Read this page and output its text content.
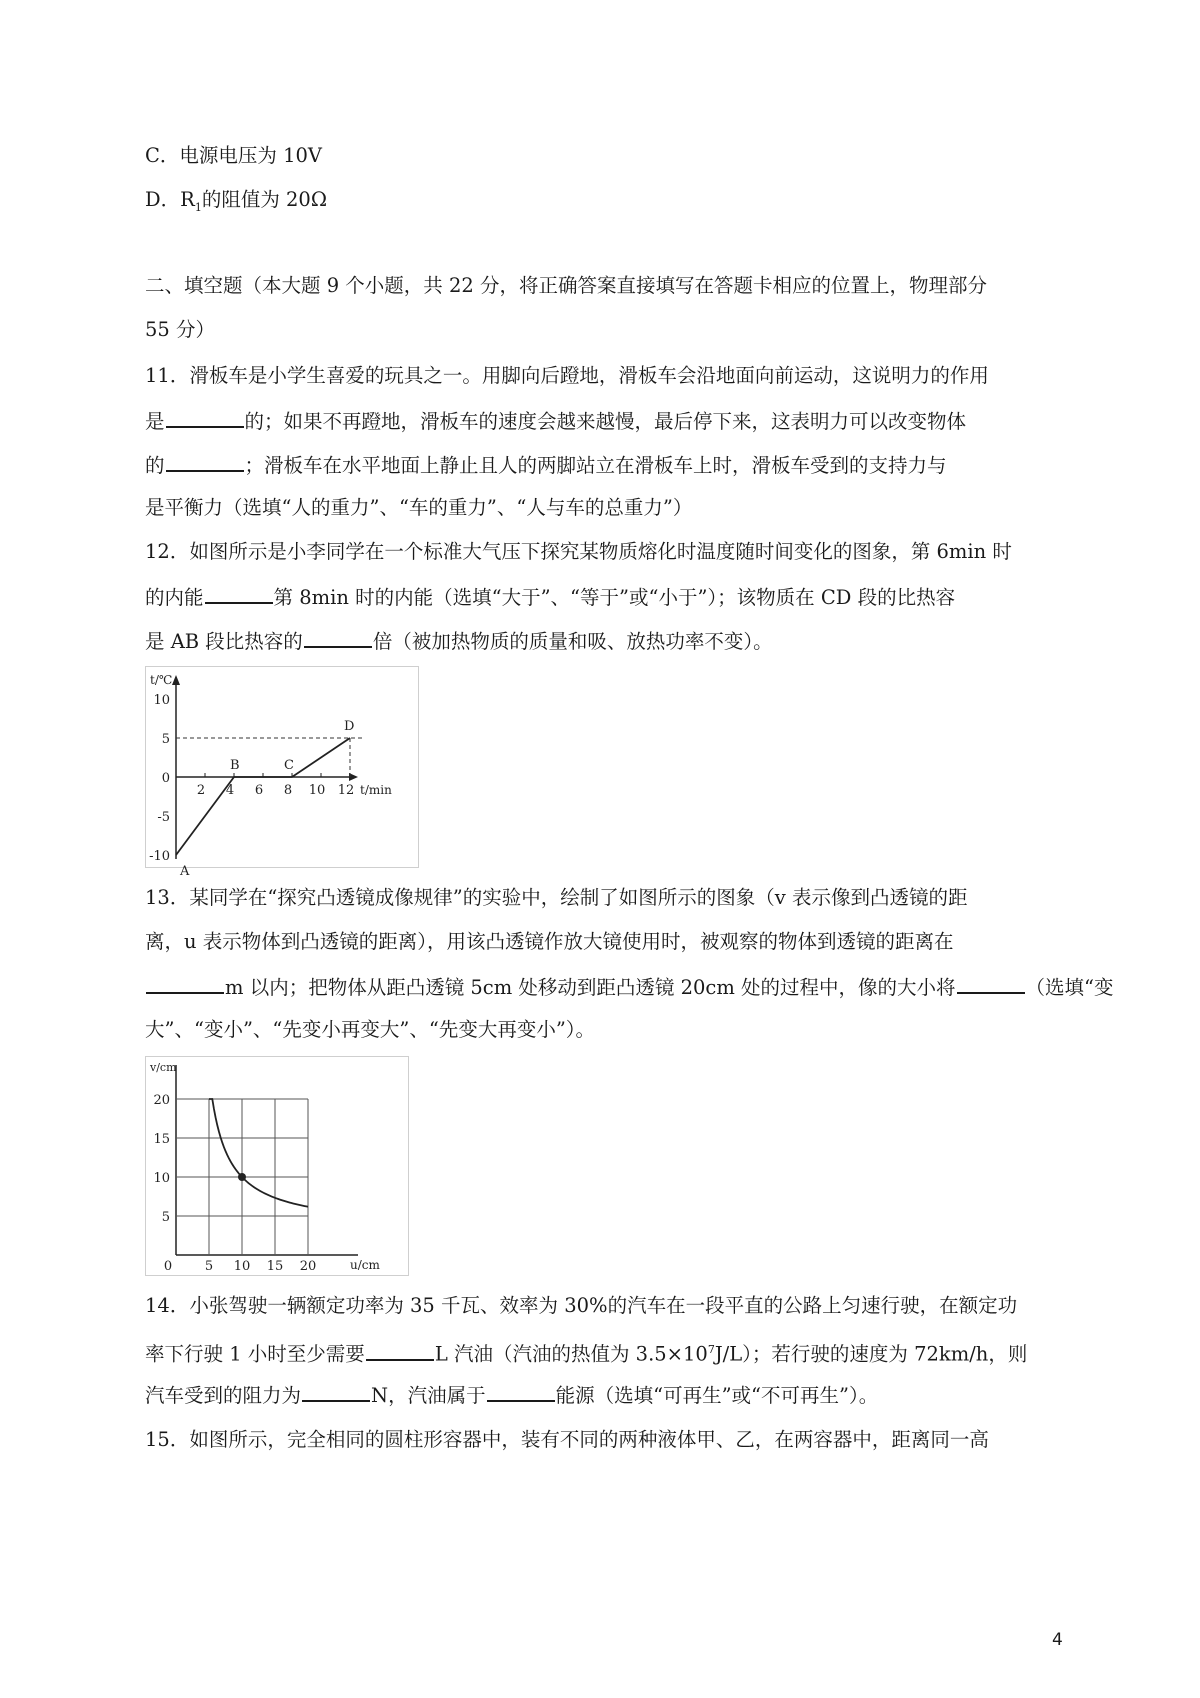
C．电源电压为 10V
D．$R_1$的阻值为 20Ω
二、填空题（本大题 9 个小题，共 22 分，将正确答案直接填写在答题卡相应的位置上，物理部分
55 分）
11．滑板车是小学生喜爱的玩具之一。用脚向后蹬地，滑板车会沿地面向前运动，这说明力的作用
是	的；如果不再蹬地，滑板车的速度会越来越慢，最后停下来，这表明力可以改变物体
的	；滑板车在水平地面上静止且人的两脚站立在滑板车上时，滑板车受到的支持力与
是平衡力（选填“人的重力”、“车的重力”、“人与车的总重力”）
12．如图所示是小李同学在一个标准大气压下探究某物质熔化时温度随时间变化的图象，第 6min 时
的内能	第 8min 时的内能（选填“大于”、“等于”或“小于”）；该物质在 CD 段的比热容
是 AB 段比热容的	倍（被加热物质的质量和吸、放热功率不变）。
t/℃
t/min
-10
-5
0
5
10
2 4 6 8 10 12
A
B	C
D
13．某同学在“探究凸透镜成像规律”的实验中，绘制了如图所示的图象（v 表示像到凸透镜的距
离，u 表示物体到凸透镜的距离），用该凸透镜作放大镜使用时，被观察的物体到透镜的距离在
m 以内；把物体从距凸透镜 5cm 处移动到距凸透镜 20cm 处的过程中，像的大小将	（选填“变
大”、“变小”、“先变小再变大”、“先变大再变小”）。
v/cm
u/cm
5
10
15
20
0	5 10 15 20
14．小张驾驶一辆额定功率为 35 千瓦、效率为 30%的汽车在一段平直的公路上匀速行驶，在额定功
率下行驶 1 小时至少需要	L 汽油（汽油的热值为 $3.5\times 10^7J/L$）；若行驶的速度为 72km/h，则
汽车受到的阻力为	N，汽油属于	能源（选填“可再生”或“不可再生”）。
15．如图所示，完全相同的圆柱形容器中，装有不同的两种液体甲、乙，在两容器中，距离同一高
4
